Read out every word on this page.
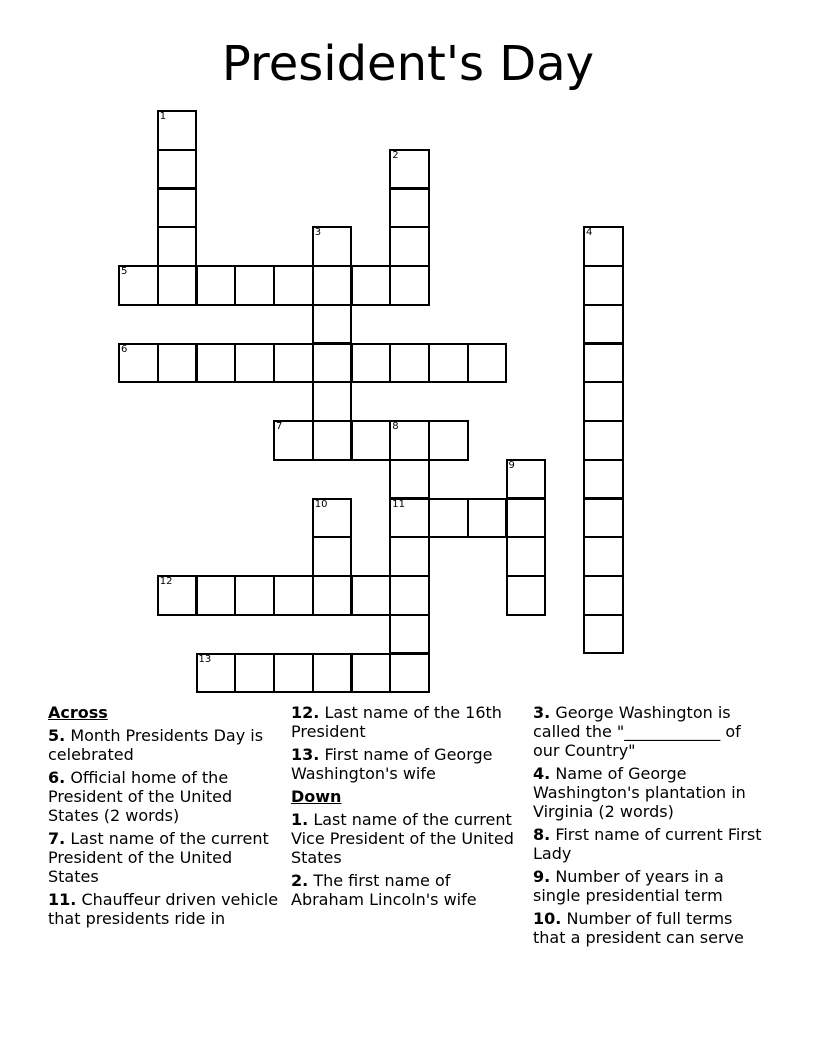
President's Day
1
2
3	4
5
6
7	8
11
9
10
12
13
Across
5. Month Presidents Day is celebrated
6. Official home of the President of the United States (2 words)
7. Last name of the current President of the United States
11. Chauffeur driven vehicle that presidents ride in
12. Last name of the 16th President
13. First name of George Washington's wife
Down
1. Last name of the current Vice President of the United States
2. The first name of Abraham Lincoln's wife
3. George Washington is called the "____________ of our Country"
4. Name of George Washington's plantation in Virginia (2 words)
8. First name of current First Lady
9. Number of years in a single presidential term
10. Number of full terms that a president can serve
